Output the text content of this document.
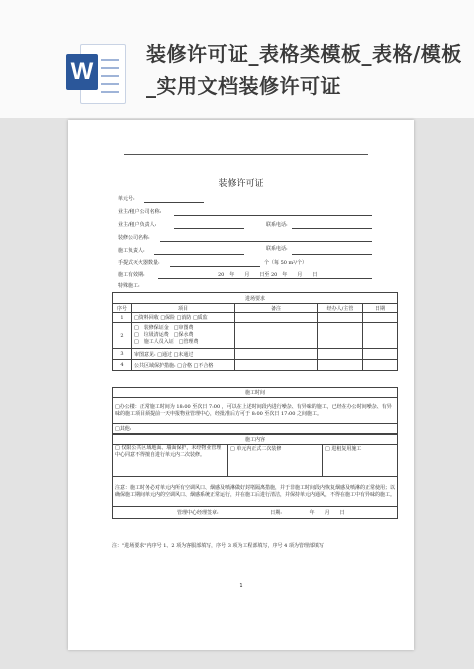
W
装修许可证_表格类模板_表格/模板_实用文档装修许可证
装修许可证
单元号:
业主/租户公司名称:
业主/租户负责人:	联系电话:
装修公司名称:
施工负责人:	联系电话:
手提式灭火器数量:	个（每 50 m²/个）
施工有效期:	20　年　　月　　日至 20　年　　月　　日
特殊施工:
进场要求				
序号	项目	备注	经办人/主管	日期
1	□资料回收 □保险 □消防 □质监			
2	□　装修保证金　□审图费
□　垃圾清运费　□保水费
□　施工人员入证　□管理费			
3	审图意见: □通过 □未通过			
4	公共区域保护措施: □合格 □不合格			
施工时间
□办公楼：正常施工时间为 18:00 至次日 7:00 ，可以在上述时间段内进行噪杂、有异味的施工，已经在办公时间噪杂、有异味的施工项目须提前一天申报物业管理中心，经批准后方可于 8:00 至次日 17:00 之间施工。
□其他:
施工内容
□ 仅限公共区域地面、墙面保护，未经物业管理中心同意不得擅自进行单元内二次装修。	□ 单元内正式二次装修	□ 进租复用施工
注意：施工时务必对单元内所有空调风口、烟感及喷淋做好封堵隔离措施，并于非施工时间段内恢复烟感及喷淋的正常使用；以确保施工期间单元内的空调风口、烟感系统正常运行，并在施工后进行清洁，并保持单元内通风，不得在施工中有异味的施工。
管理中心经理签章:	日期:	年　　月　　日
注："进场要求"内序号 1、2 项为客服部填写，序号 3 项为工程部填写，序号 4 项为管理部填写
1
